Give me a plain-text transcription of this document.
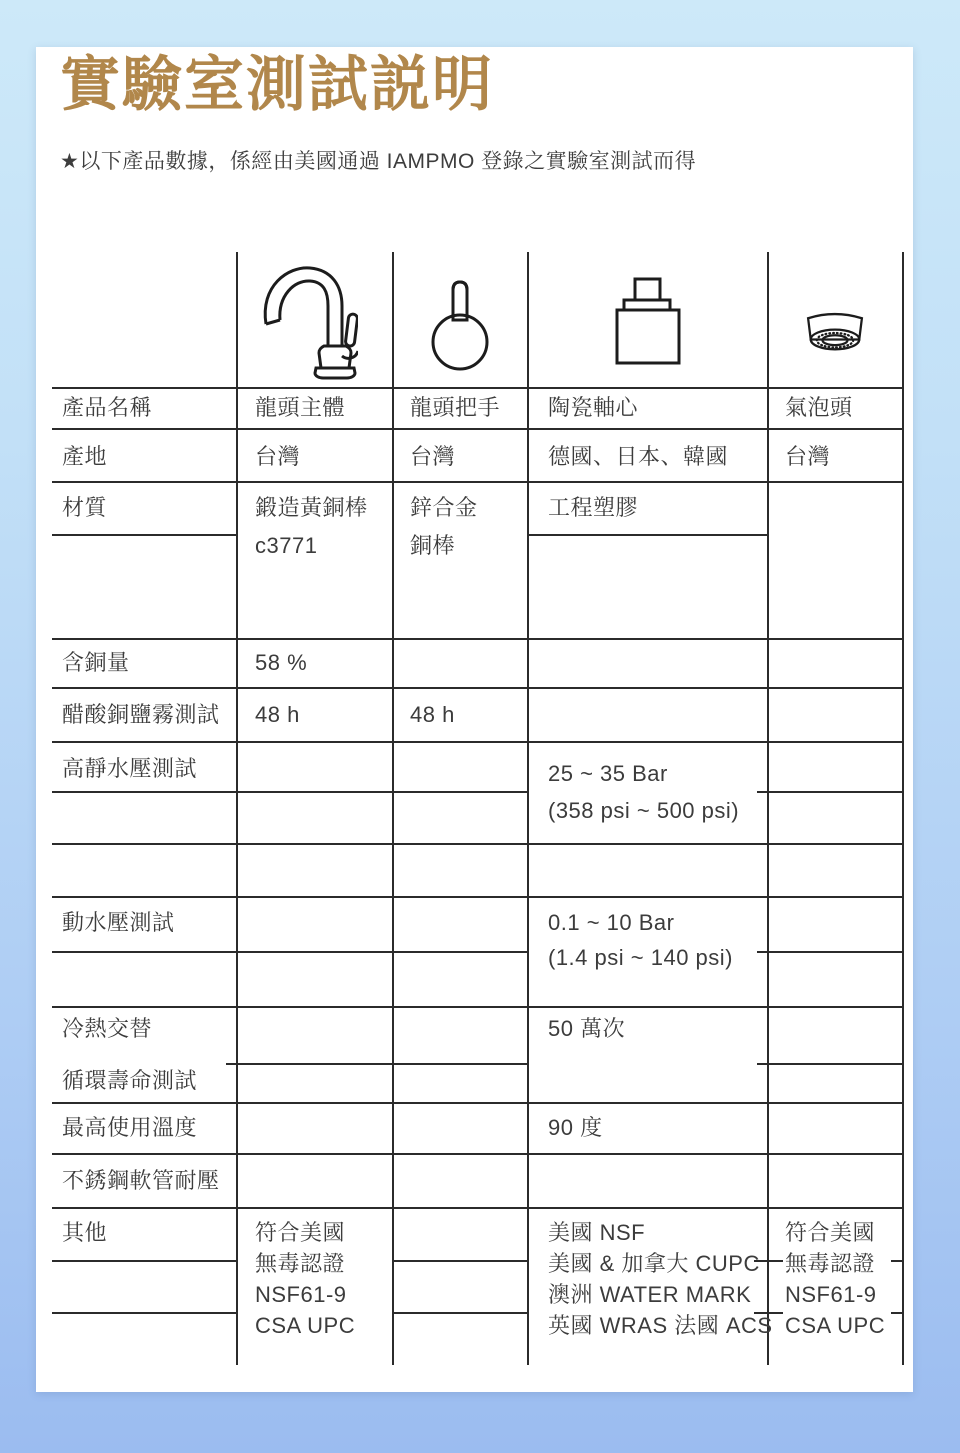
實驗室測試説明
★以下產品數據，係經由美國通過 IAMPMO 登錄之實驗室測試而得
產品名稱
產地
材質
含銅量
醋酸銅鹽霧測試
高靜水壓測試
動水壓測試
冷熱交替
循環壽命測試
最高使用溫度
不銹鋼軟管耐壓
其他
龍頭主體
台灣
鍛造黃銅棒
c3771
58 %
48 h
符合美國
無毒認證
NSF61-9
CSA UPC
龍頭把手
台灣
鋅合金
銅棒
48 h
陶瓷軸心
德國、日本、韓國
工程塑膠
25 ~ 35 Bar
(358 psi ~ 500 psi)
0.1 ~ 10 Bar
(1.4 psi ~ 140 psi)
50 萬次
90 度
美國 NSF
美國 & 加拿大 CUPC
澳洲 WATER MARK
英國 WRAS 法國 ACS
氣泡頭
台灣
符合美國
無毒認證
NSF61-9
CSA UPC
